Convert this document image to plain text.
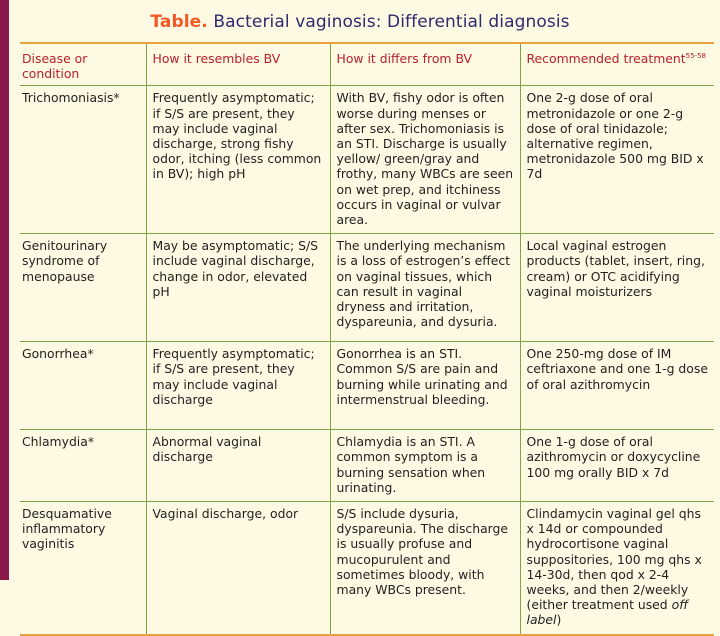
Table. Bacterial vaginosis: Differential diagnosis
Disease or condition	How it resembles BV	How it differs from BV	Recommended treatment$^{55-58}$
Trichomoniasis*	Frequently asymptomatic; if S/S are present, they may include vaginal discharge, strong fishy odor, itching (less common in BV); high pH	With BV, fishy odor is often worse during menses or after sex. Trichomoniasis is an STI. Discharge is usually yellow/ green/gray and frothy, many WBCs are seen on wet prep, and itchiness occurs in vaginal or vulvar area.	One 2-g dose of oral metronidazole or one 2-g dose of oral tinidazole; alternative regimen, metronidazole 500 mg BID x 7d
Genitourinary syndrome of menopause	May be asymptomatic; S/S include vaginal discharge, change in odor, elevated pH	The underlying mechanism is a loss of estrogen’s effect on vaginal tissues, which can result in vaginal dryness and irritation, dyspareunia, and dysuria.	Local vaginal estrogen products (tablet, insert, ring, cream) or OTC acidifying vaginal moisturizers
Gonorrhea*	Frequently asymptomatic; if S/S are present, they may include vaginal discharge	Gonorrhea is an STI. Common S/S are pain and burning while urinating and intermenstrual bleeding.	One 250-mg dose of IM ceftriaxone and one 1-g dose of oral azithromycin
Chlamydia*	Abnormal vaginal discharge	Chlamydia is an STI. A common symptom is a burning sensation when urinating.	One 1-g dose of oral azithromycin or doxycycline 100 mg orally BID x 7d
Desquamative inflammatory vaginitis	Vaginal discharge, odor	S/S include dysuria, dyspareunia. The discharge is usually profuse and mucopurulent and sometimes bloody, with many WBCs present.	Clindamycin vaginal gel qhs x 14d or compounded hydrocortisone vaginal suppositories, 100 mg qhs x 14-30d, then qod x 2-4 weeks, and then 2/weekly (either treatment used off label)
